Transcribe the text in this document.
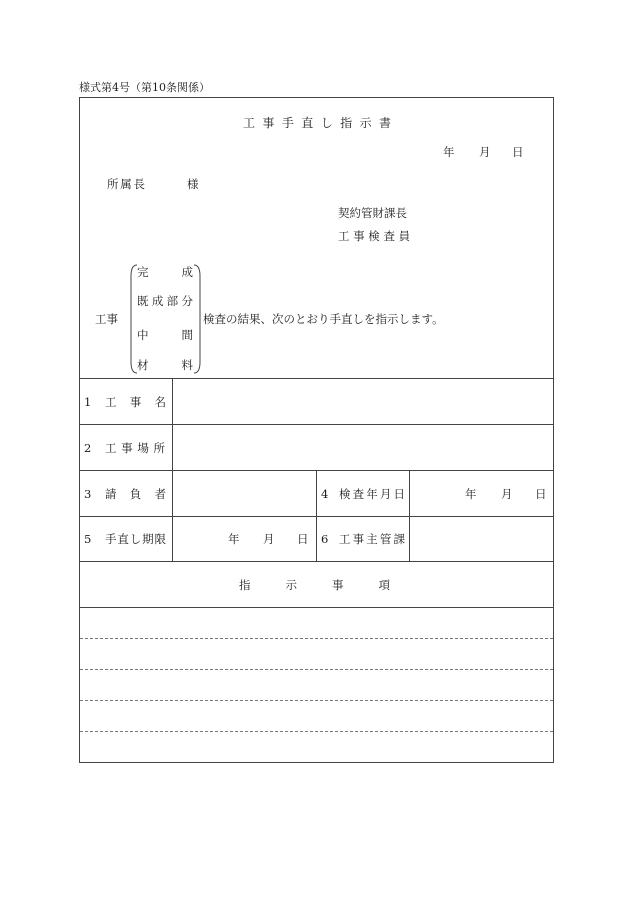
様式第4号（第10条関係）
工 事 手 直 し 指 示 書
年 月 日
所属長	様
契約管財課長
工 事 検 査 員
工事
完　　成
既成部分
中　　間
材　　料
検査の結果、次のとおり手直しを指示します。
1 工　事　名
2 工事場所
3 請　負　者	4 検査年月日	年 月 日
5 手直し期限	年 月 日 6 工事主管課
指　　示　　事　　項
